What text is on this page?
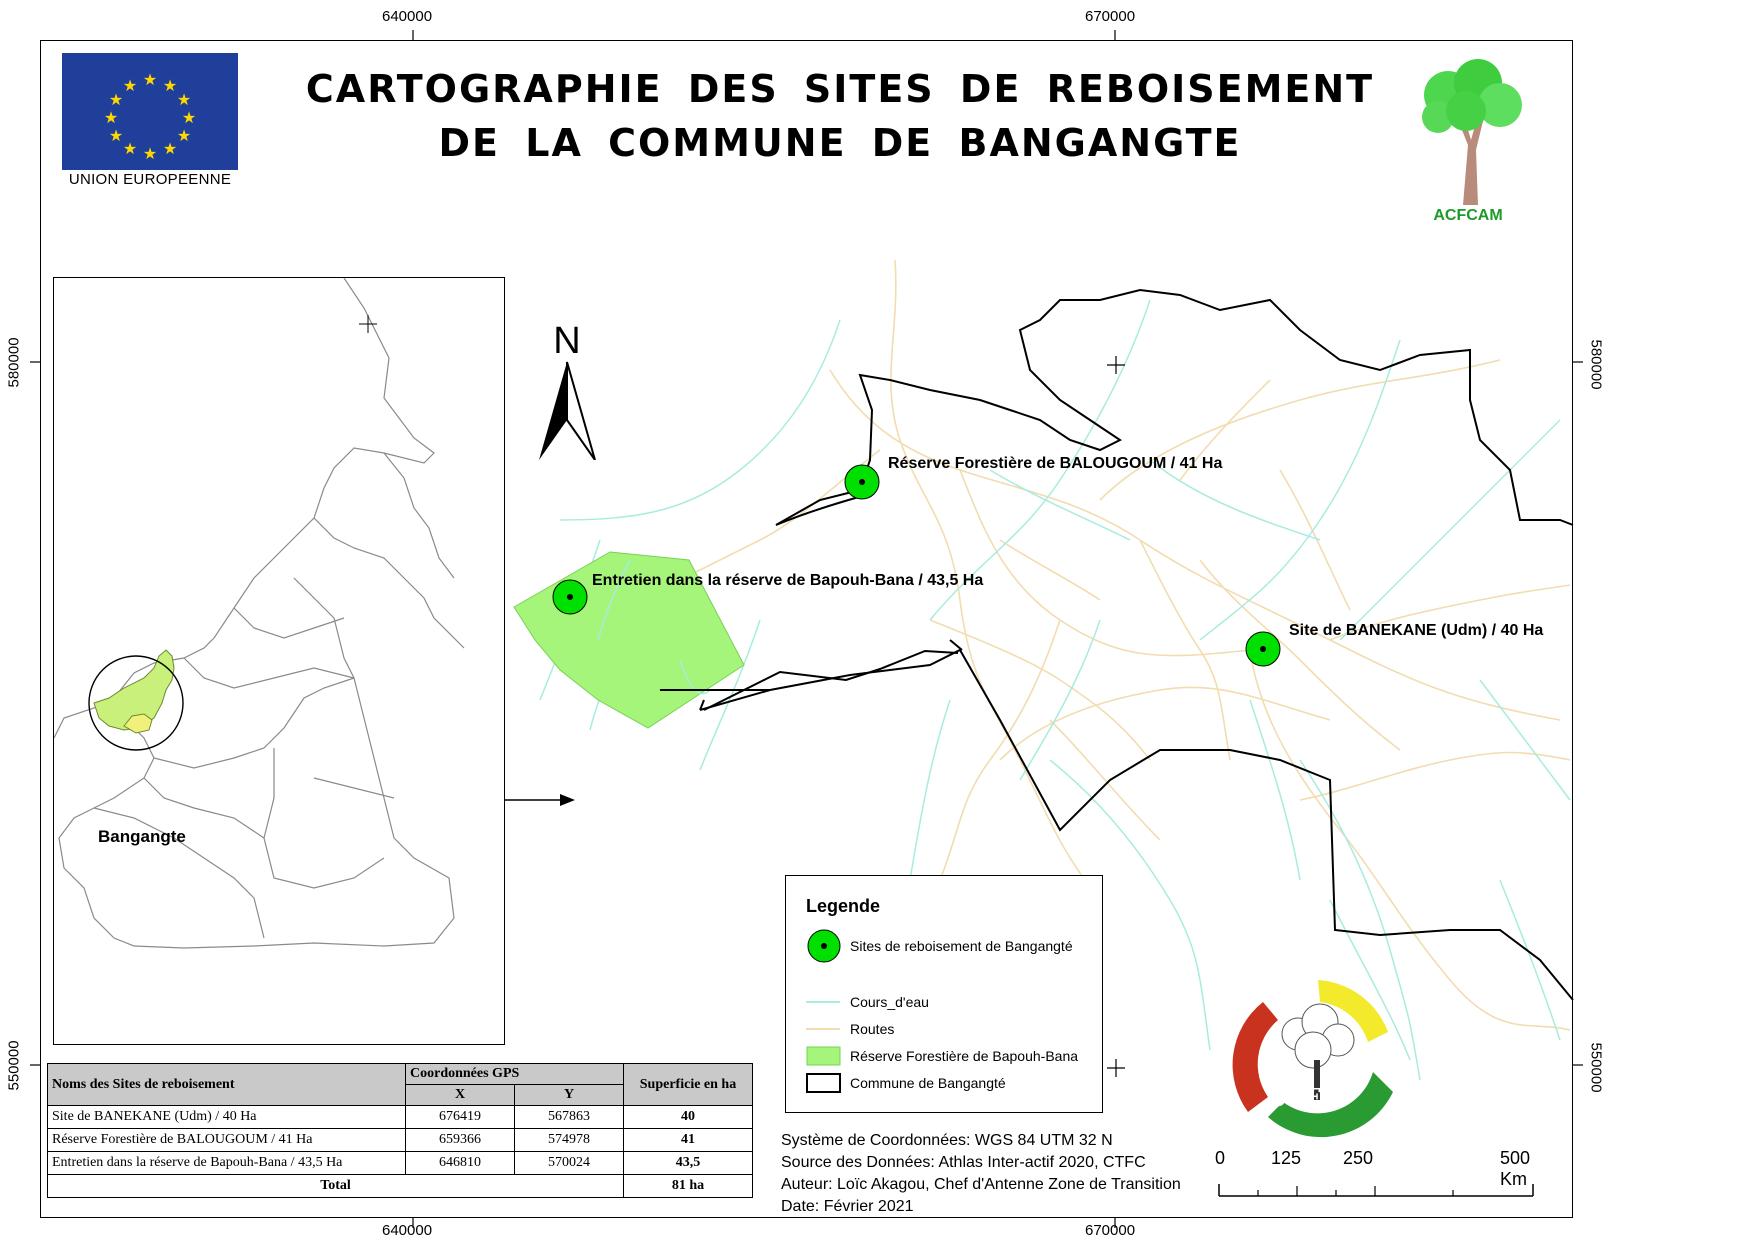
640000	670000
640000	670000
580000
550000
580000
550000
Réserve Forestière de BALOUGOUM / 41 Ha
Entretien dans la réserve de Bapouh-Bana / 43,5 Ha
Site de BANEKANE (Udm) / 40 Ha
CARTOGRAPHIE DES SITES DE REBOISEMENT
DE LA COMMUNE DE BANGANGTE
★ ★
★
★
★
★
★
★
★
★
★
★
UNION EUROPEENNE
ACFCAM
N
Bangangte
Legende
Sites de reboisement de Bangangté
Cours_d'eau
Routes
Réserve Forestière de Bapouh-Bana
Commune de Bangangté
CTFC
Noms des Sites de reboisement	Coordonnées GPS		Superficie en ha
	X	Y	
Site de BANEKANE (Udm) / 40 Ha	676419	567863	40
Réserve Forestière de BALOUGOUM / 41 Ha	659366	574978	41
Entretien dans la réserve de Bapouh-Bana / 43,5 Ha	646810	570024	43,5
Total			81 ha
Système de Coordonnées: WGS 84 UTM 32 N
Source des Données: Athlas Inter-actif 2020, CTFC
Auteur: Loïc Akagou, Chef d'Antenne Zone de Transition
Date: Février 2021
0	125 250	500 Km
